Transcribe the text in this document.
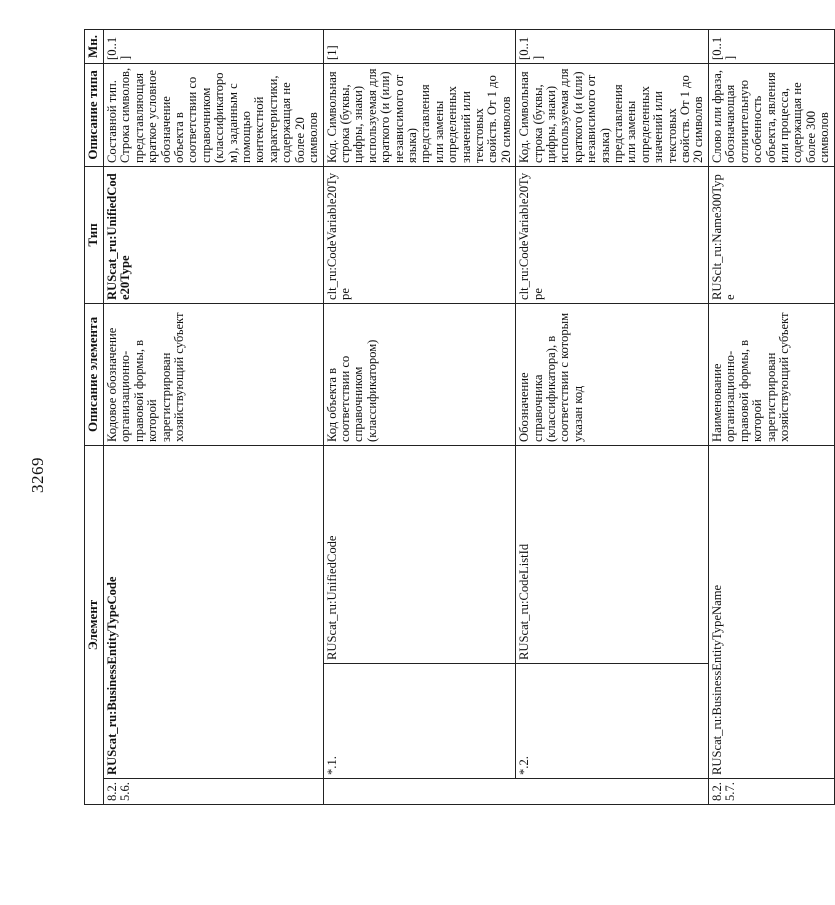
3269
Элемент			Описание элемента	Тип	Описание типа	Мн.
8.2.5.6.	RUScat_ru:BusinessEntityTypeCode		Кодовое обозначение организационно-правовой формы, в которой зарегистрирован хозяйствующий субъект	RUScat_ru:UnifiedCode20Type	Составной тип. Строка символов, представляющая краткое условное обозначение объекта в соответствии со справочником (классификатором), заданным с помощью контекстной характеристики, содержащая не более 20 символов	[0..1]
	*.1.	RUScat_ru:UnifiedCode	Код объекта в соответствии со справочником (классификатором)	clt_ru:CodeVariable20Type	Код. Символьная строка (буквы, цифры, знаки) используемая для краткого (и (или) независимого от языка) представления или замены определенных значений или текстовых свойств. От 1 до 20 символов	[1]
	*.2.	RUScat_ru:CodeListId	Обозначение справочника (классификатора), в соответствии с которым указан код	clt_ru:CodeVariable20Type	Код. Символьная строка (буквы, цифры, знаки) используемая для краткого (и (или) независимого от языка) представления или замены определенных значений или текстовых свойств. От 1 до 20 символов	[0..1]
8.2.5.7.	RUScat_ru:BusinessEntityTypeName		Наименование организационно-правовой формы, в которой зарегистрирован хозяйствующий субъект	RUSclt_ru:Name300Type	Слово или фраза, обозначающая отличительную особенность объекта, явления или процесса, содержащая не более 300 символов	[0..1]
